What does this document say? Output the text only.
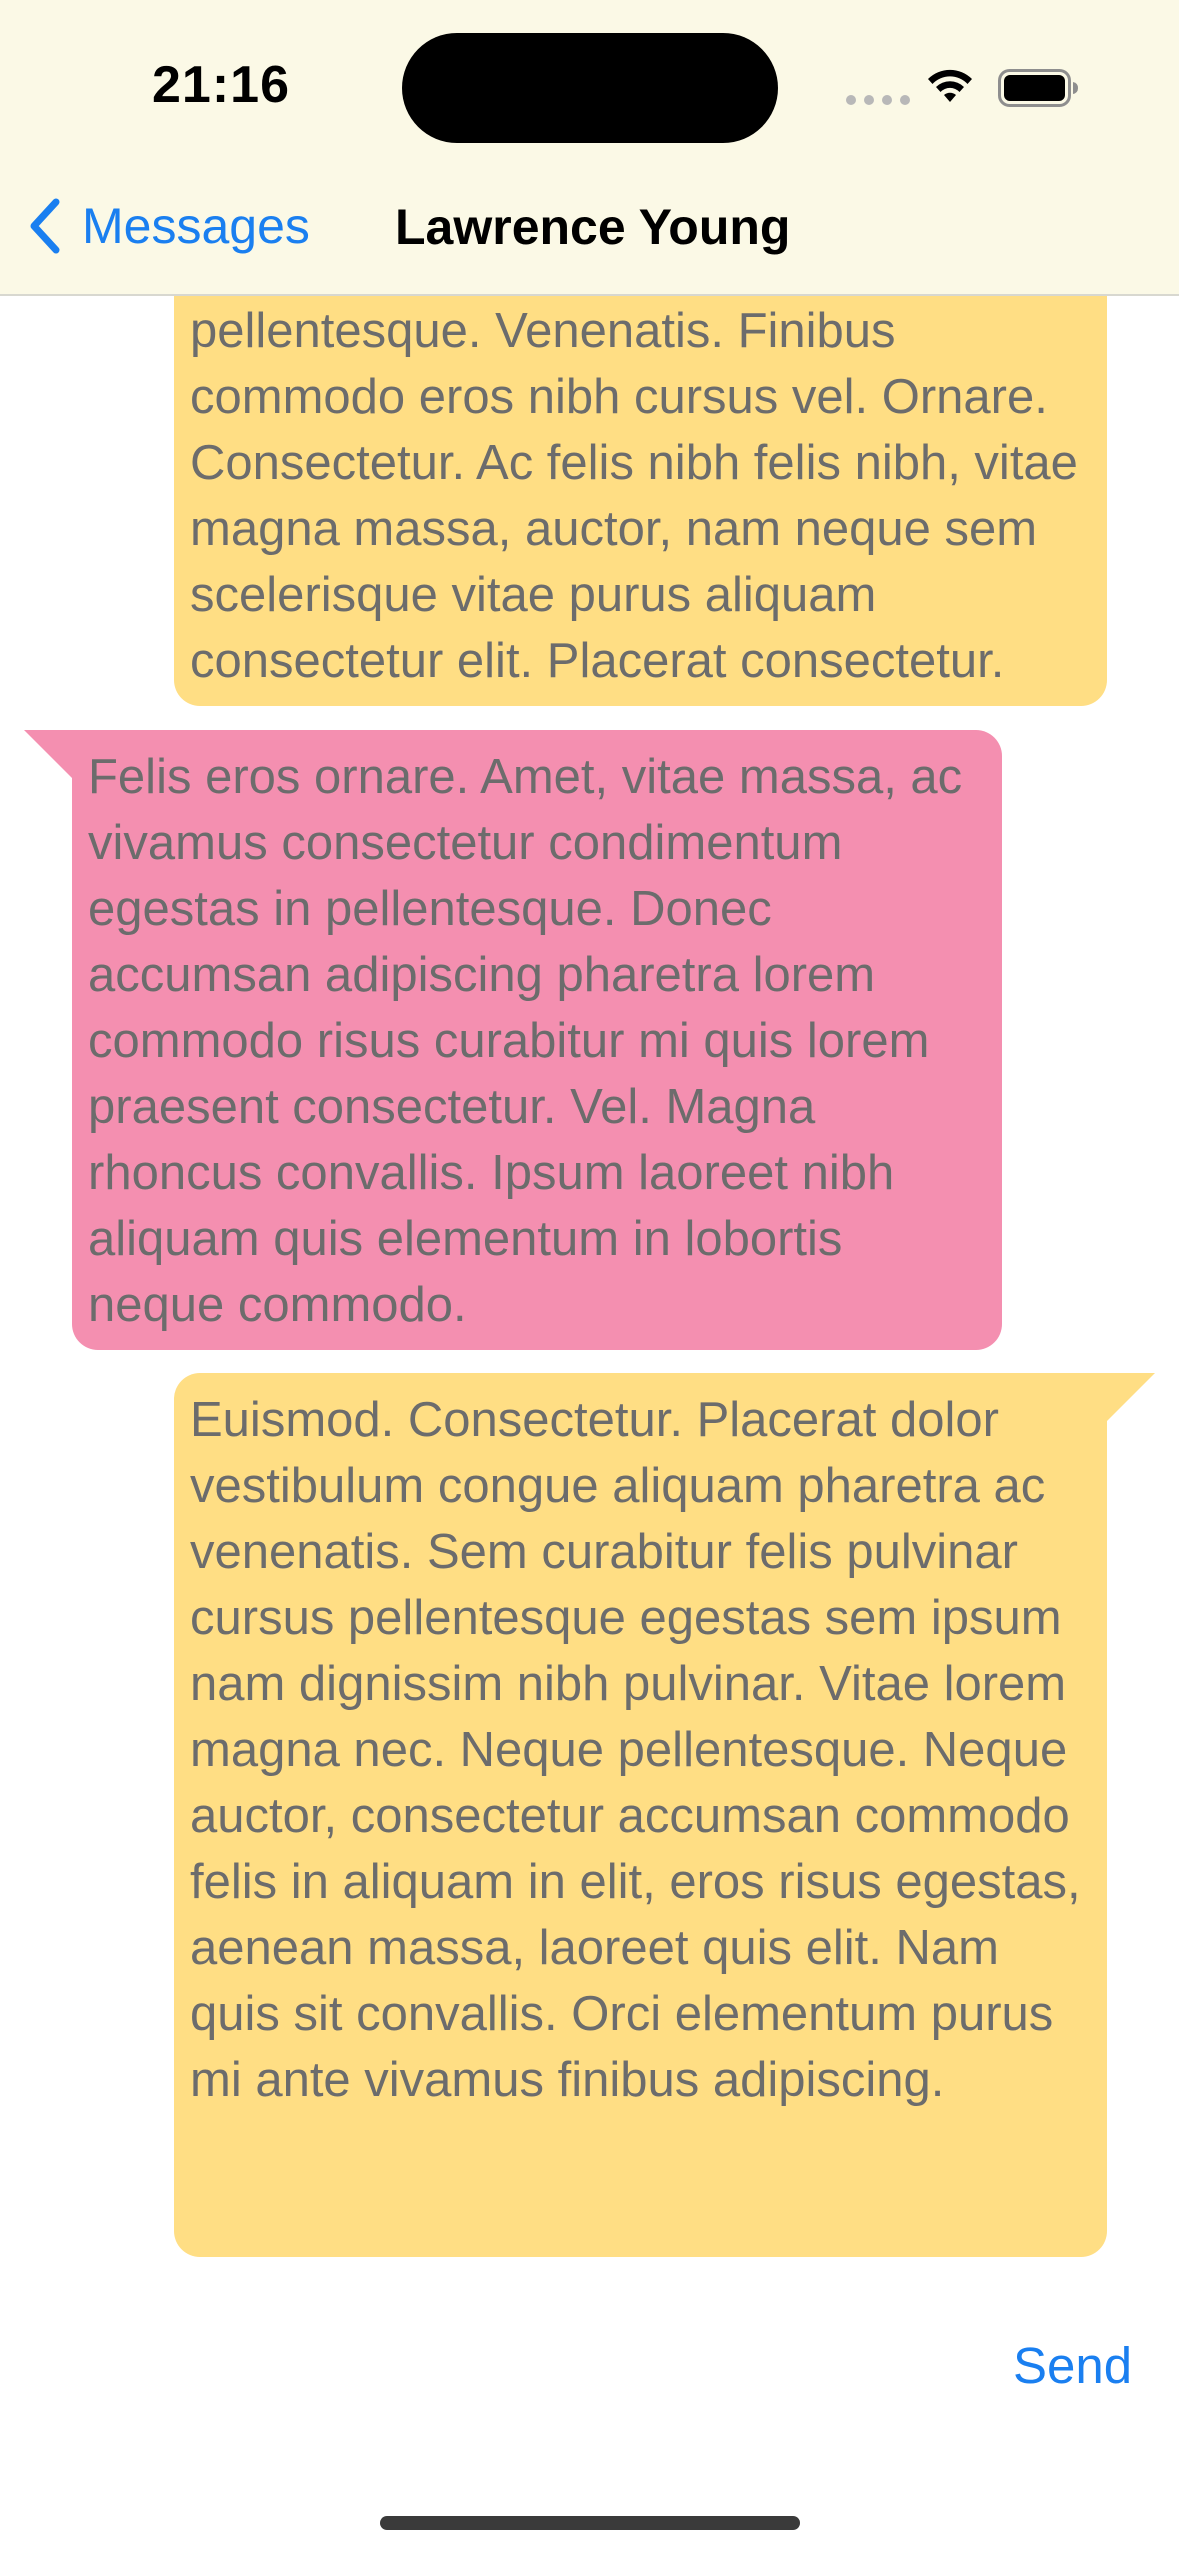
pellentesque. Venenatis. Finibus commodo eros nibh cursus vel. Ornare. Consectetur. Ac felis nibh felis nibh, vitae magna massa, auctor, nam neque sem scelerisque vitae purus aliquam consectetur elit. Placerat consectetur.
Felis eros ornare. Amet, vitae massa, ac vivamus consectetur condimentum egestas in pellentesque. Donec accumsan adipiscing pharetra lorem commodo risus curabitur mi quis lorem praesent consectetur. Vel. Magna rhoncus convallis. Ipsum laoreet nibh aliquam quis elementum in lobortis neque commodo.
Euismod. Consectetur. Placerat dolor vestibulum congue aliquam pharetra ac venenatis. Sem curabitur felis pulvinar cursus pellentesque egestas sem ipsum nam dignissim nibh pulvinar. Vitae lorem magna nec. Neque pellentesque. Neque auctor, consectetur accumsan commodo felis in aliquam in elit, eros risus egestas, aenean massa, laoreet quis elit. Nam quis sit convallis. Orci elementum purus mi ante vivamus finibus adipiscing.
Send
21:16
Messages Lawrence Young
